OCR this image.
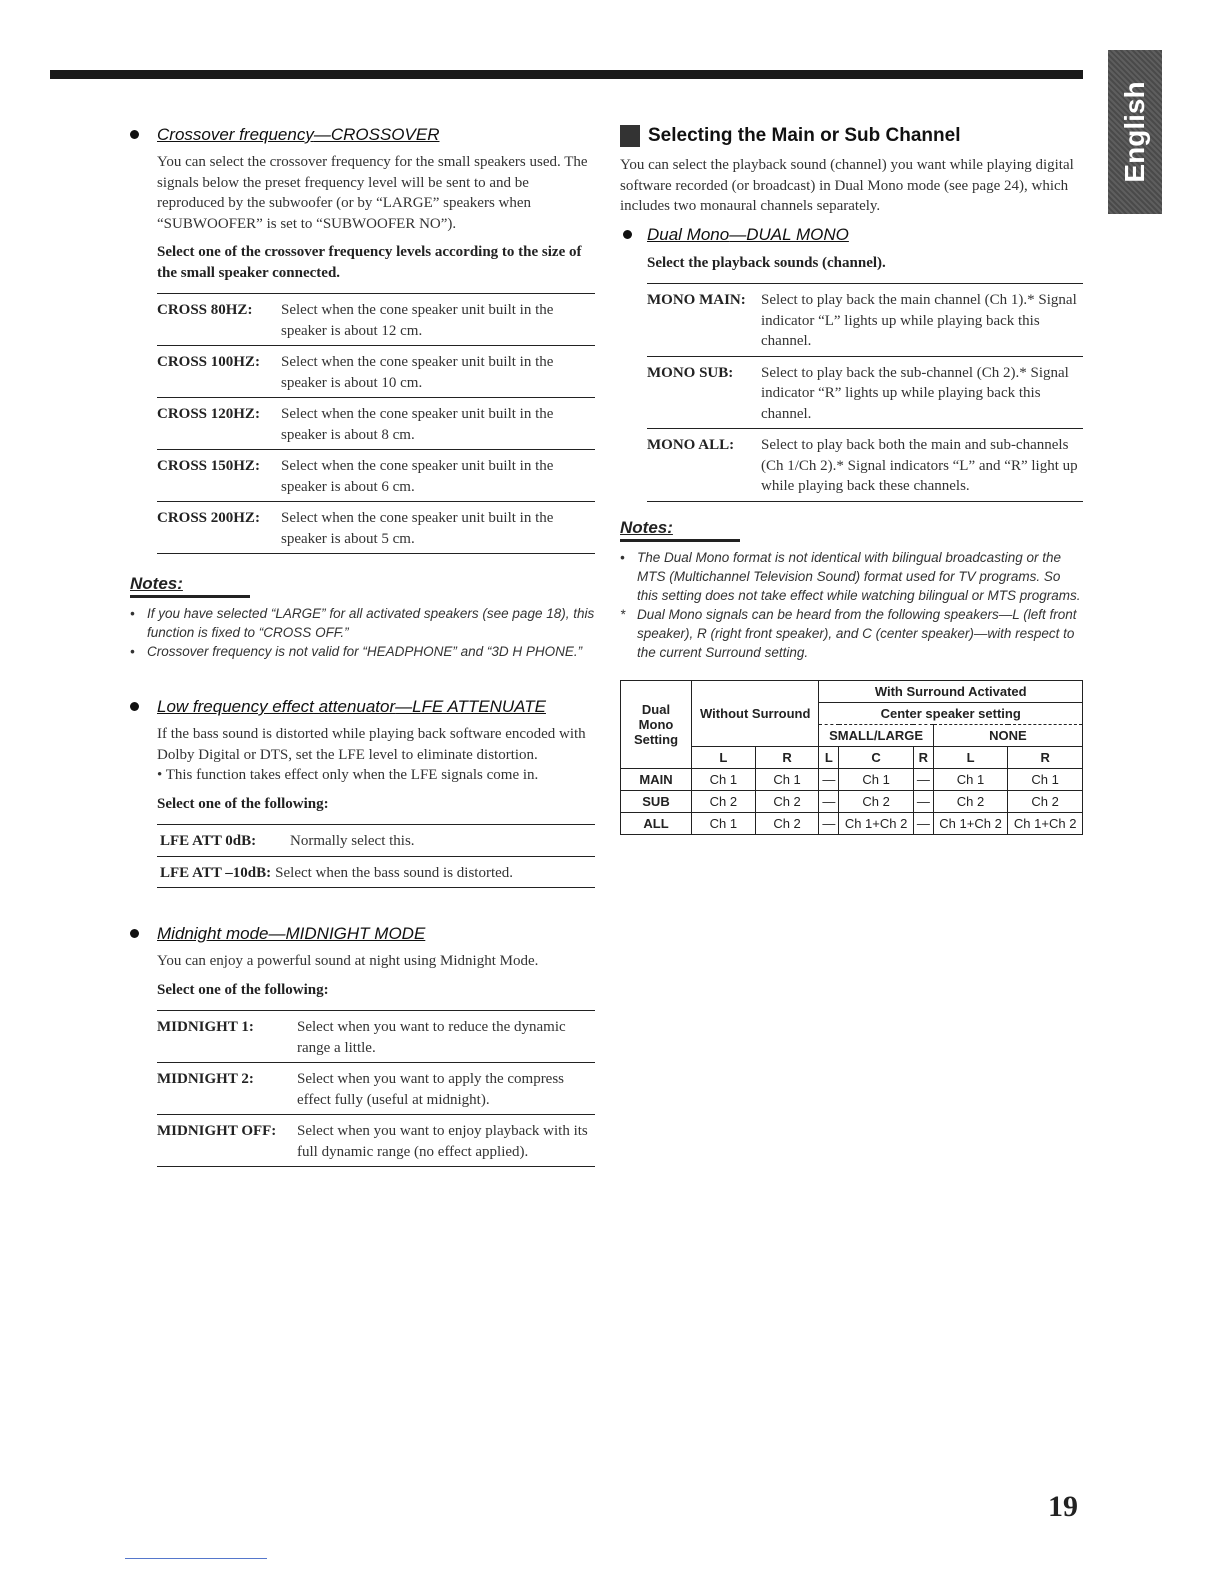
English
Crossover frequency—CROSSOVER

You can select the crossover frequency for the small speakers used. The signals below the preset frequency level will be sent to and be reproduced by the subwoofer (or by “LARGE” speakers when “SUBWOOFER” is set to “SUBWOOFER NO”).

Select one of the crossover frequency levels according to the size of the small speaker connected.

CROSS 80HZ:	Select when the cone speaker unit built in the speaker is about 12 cm.
CROSS 100HZ:	Select when the cone speaker unit built in the speaker is about 10 cm.
CROSS 120HZ:	Select when the cone speaker unit built in the speaker is about 8 cm.
CROSS 150HZ:	Select when the cone speaker unit built in the speaker is about 6 cm.
CROSS 200HZ:	Select when the cone speaker unit built in the speaker is about 5 cm.
Notes:

• If you have selected “LARGE” for all activated speakers (see page 18), this function is fixed to “CROSS OFF.”

• Crossover frequency is not valid for “HEADPHONE” and “3D H PHONE.”

Low frequency effect attenuator—LFE ATTENUATE

If the bass sound is distorted while playing back software encoded with Dolby Digital or DTS, set the LFE level to eliminate distortion.

• This function takes effect only when the LFE signals come in.

Select one of the following:

LFE ATT 0dB:	Normally select this.
LFE ATT –10dB: Select when the bass sound is distorted.
Midnight mode—MIDNIGHT MODE

You can enjoy a powerful sound at night using Midnight Mode.

Select one of the following:

MIDNIGHT 1:	Select when you want to reduce the dynamic range a little.
MIDNIGHT 2:	Select when you want to apply the compress effect fully (useful at midnight).
MIDNIGHT OFF:	Select when you want to enjoy playback with its full dynamic range (no effect applied).
Selecting the Main or Sub Channel

You can select the playback sound (channel) you want while playing digital software recorded (or broadcast) in Dual Mono mode (see page 24), which includes two monaural channels separately.

Dual Mono—DUAL MONO

Select the playback sounds (channel).

MONO MAIN:	Select to play back the main channel (Ch 1).* Signal indicator “L” lights up while playing back this channel.
MONO SUB:	Select to play back the sub-channel (Ch 2).* Signal indicator “R” lights up while playing back this channel.
MONO ALL:	Select to play back both the main and sub-channels (Ch 1/Ch 2).* Signal indicators “L” and “R” light up while playing back these channels.
Notes:

• The Dual Mono format is not identical with bilingual broadcasting or the MTS (Multichannel Television Sound) format used for TV programs. So this setting does not take effect while watching bilingual or MTS programs.

* Dual Mono signals can be heard from the following speakers—L (left front speaker), R (right front speaker), and C (center speaker)—with respect to the current Surround setting.

Dual Mono Setting	Without Surround		With Surround Activated				
			Center speaker setting				
			SMALL/LARGE			NONE	
	L	R	L	C	R	L	R
MAIN	Ch 1	Ch 1	—	Ch 1	—	Ch 1	Ch 1
SUB	Ch 2	Ch 2	—	Ch 2	—	Ch 2	Ch 2
ALL	Ch 1	Ch 2	—	Ch 1+Ch 2	—	Ch 1+Ch 2	Ch 1+Ch 2
19
